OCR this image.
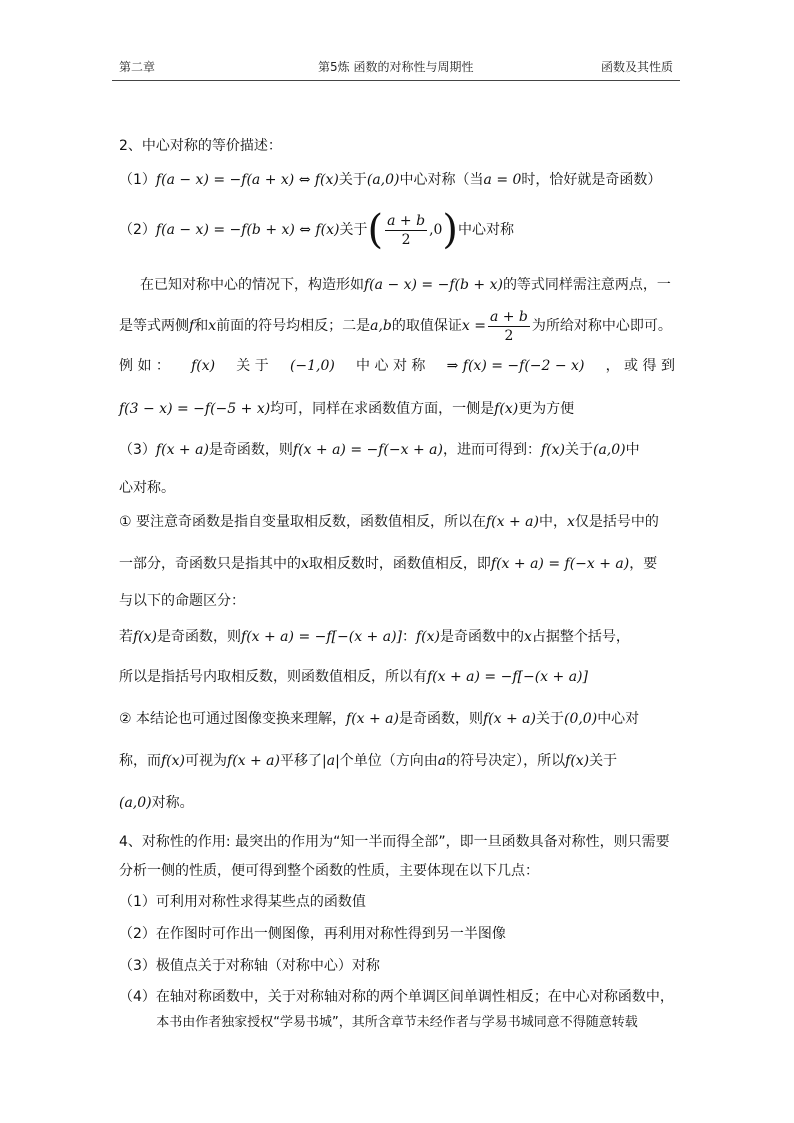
第二章	第5炼 函数的对称性与周期性	函数及其性质
2、中心对称的等价描述：
（1）f(a − x) = −f(a + x) ⇔ f(x)关于(a,0)中心对称（当a = 0时，恰好就是奇函数）
（2）f(a − x) = −f(b + x) ⇔ f(x)关于( $\frac{a + b}{2} ,0$)中心对称
在已知对称中心的情况下，构造形如f(a − x) = −f(b + x)的等式同样需注意两点，一
是等式两侧f和x前面的符号均相反；二是a,b的取值保证$x = \frac{a + b}{2}$ 为所给对称中心即可。
例 如 ： f(x) 关 于 (−1,0) 中 心 对 称 ⇒ f(x) = −f(−2 − x) ， 或 得 到
f(3 − x) = −f(−5 + x)均可，同样在求函数值方面，一侧是f(x)更为方便
（3）f(x + a)是奇函数，则f(x + a) = −f(−x + a)，进而可得到：f(x)关于(a,0)中
心对称。
① 要注意奇函数是指自变量取相反数，函数值相反，所以在f(x + a)中，x仅是括号中的
一部分，奇函数只是指其中的x取相反数时，函数值相反，即f(x + a) = f(−x + a)，要
与以下的命题区分：
若f(x)是奇函数，则f(x + a) = −f[−(x + a)]：f(x)是奇函数中的x占据整个括号，
所以是指括号内取相反数，则函数值相反，所以有f(x + a) = −f[−(x + a)]
② 本结论也可通过图像变换来理解，f(x + a)是奇函数，则f(x + a)关于(0,0)中心对
称，而f(x)可视为f(x + a)平移了|a|个单位（方向由a的符号决定），所以f(x)关于
(a,0)对称。
4、对称性的作用: 最突出的作用为“知一半而得全部”，即一旦函数具备对称性，则只需要
分析一侧的性质，便可得到整个函数的性质，主要体现在以下几点：
（1）可利用对称性求得某些点的函数值
（2）在作图时可作出一侧图像，再利用对称性得到另一半图像
（3）极值点关于对称轴（对称中心）对称
（4）在轴对称函数中，关于对称轴对称的两个单调区间单调性相反；在中心对称函数中，
本书由作者独家授权“学易书城”，其所含章节未经作者与学易书城同意不得随意转载
